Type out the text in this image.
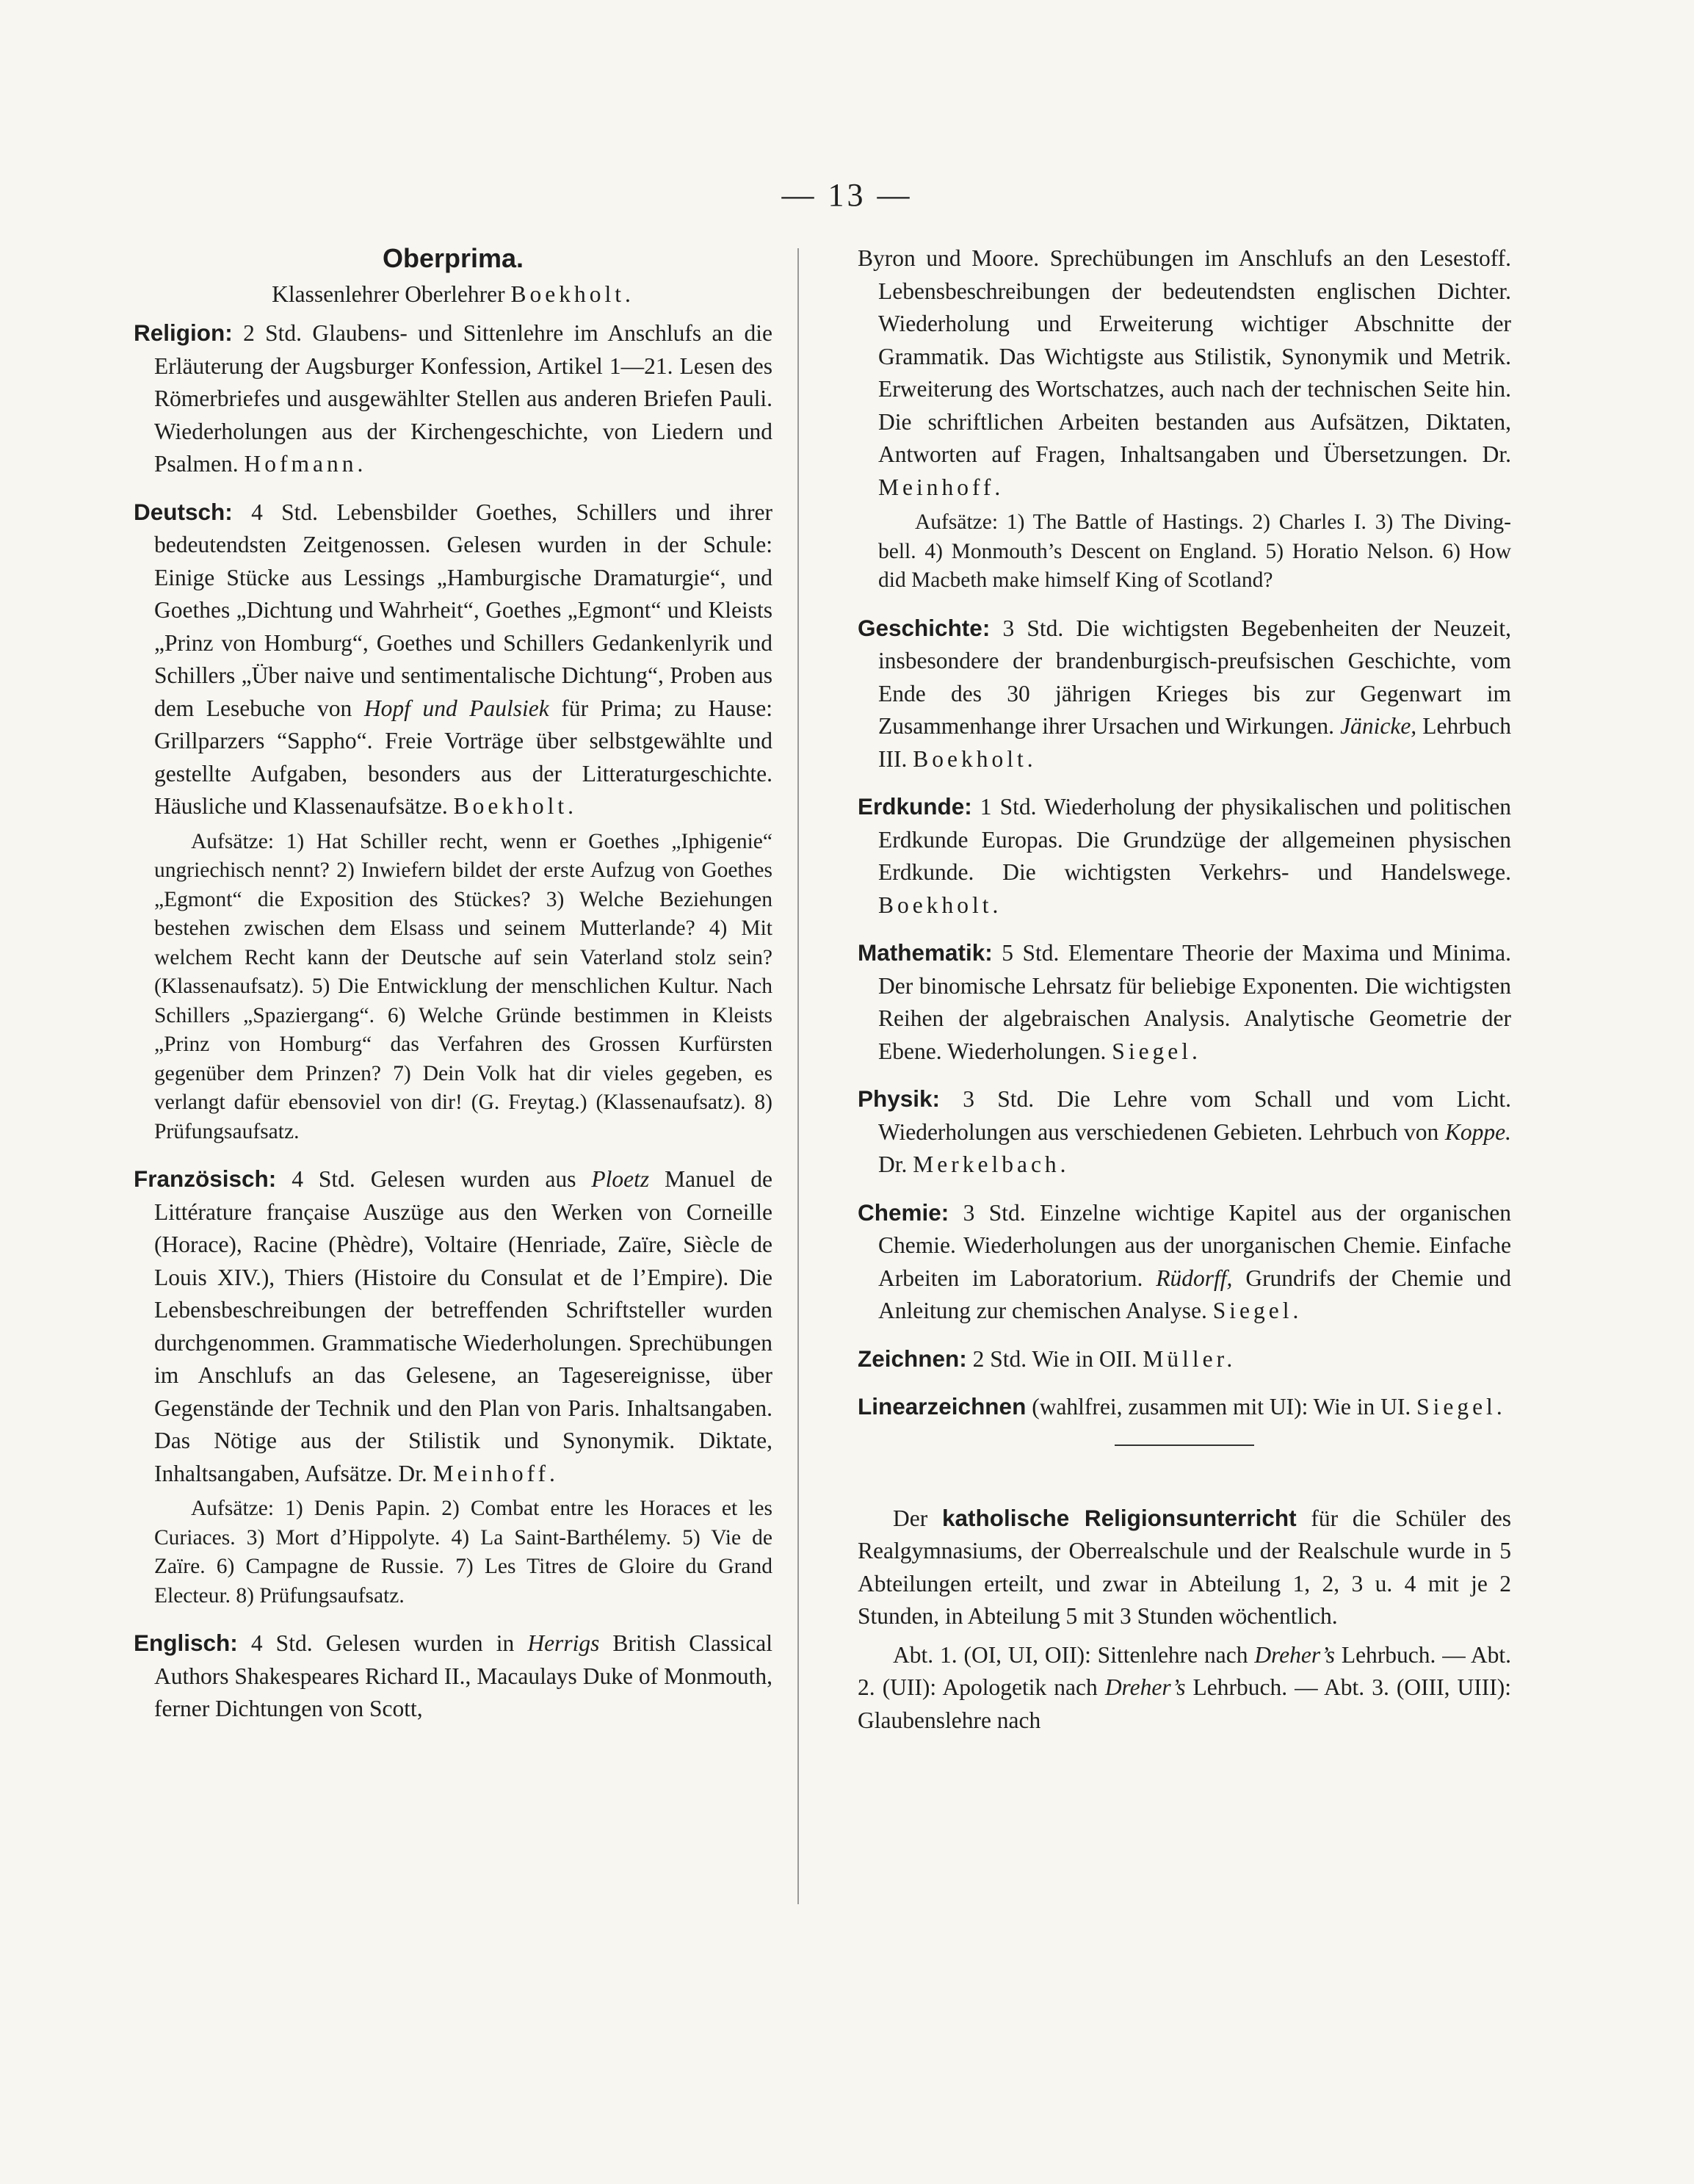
— 13 —
Oberprima.
Klassenlehrer Oberlehrer Boekholt.

Religion: 2 Std. Glaubens- und Sittenlehre im Anschlufs an die Erläuterung der Augsburger Konfession, Artikel 1—21. Lesen des Römerbriefes und ausgewählter Stellen aus anderen Briefen Pauli. Wiederholungen aus der Kirchengeschichte, von Liedern und Psalmen. Hofmann.

Deutsch: 4 Std. Lebensbilder Goethes, Schillers und ihrer bedeutendsten Zeitgenossen. Gelesen wurden in der Schule: Einige Stücke aus Lessings „Hamburgische Dramaturgie“, und Goethes „Dichtung und Wahrheit“, Goethes „Egmont“ und Kleists „Prinz von Homburg“, Goethes und Schillers Gedankenlyrik und Schillers „Über naive und sentimentalische Dichtung“, Proben aus dem Lesebuche von Hopf und Paulsiek für Prima; zu Hause: Grillparzers “Sappho“. Freie Vorträge über selbstgewählte und gestellte Aufgaben, besonders aus der Litteraturgeschichte. Häusliche und Klassenaufsätze. Boekholt.

Aufsätze: 1) Hat Schiller recht, wenn er Goethes „Iphigenie“ ungriechisch nennt? 2) Inwiefern bildet der erste Aufzug von Goethes „Egmont“ die Exposition des Stückes? 3) Welche Beziehungen bestehen zwischen dem Elsass und seinem Mutterlande? 4) Mit welchem Recht kann der Deutsche auf sein Vaterland stolz sein? (Klassenaufsatz). 5) Die Entwicklung der menschlichen Kultur. Nach Schillers „Spaziergang“. 6) Welche Gründe bestimmen in Kleists „Prinz von Homburg“ das Verfahren des Grossen Kurfürsten gegenüber dem Prinzen? 7) Dein Volk hat dir vieles gegeben, es verlangt dafür ebensoviel von dir! (G. Freytag.) (Klassenaufsatz). 8) Prüfungsaufsatz.

Französisch: 4 Std. Gelesen wurden aus Ploetz Manuel de Littérature française Auszüge aus den Werken von Corneille (Horace), Racine (Phèdre), Voltaire (Henriade, Zaïre, Siècle de Louis XIV.), Thiers (Histoire du Consulat et de l’Empire). Die Lebensbeschreibungen der betreffenden Schriftsteller wurden durchgenommen. Grammatische Wiederholungen. Sprechübungen im Anschlufs an das Gelesene, an Tagesereignisse, über Gegenstände der Technik und den Plan von Paris. Inhaltsangaben. Das Nötige aus der Stilistik und Synonymik. Diktate, Inhaltsangaben, Aufsätze. Dr. Meinhoff.

Aufsätze: 1) Denis Papin. 2) Combat entre les Horaces et les Curiaces. 3) Mort d’Hippolyte. 4) La Saint-Barthélemy. 5) Vie de Zaïre. 6) Campagne de Russie. 7) Les Titres de Gloire du Grand Electeur. 8) Prüfungsaufsatz.

Englisch: 4 Std. Gelesen wurden in Herrigs British Classical Authors Shakespeares Richard II., Macaulays Duke of Monmouth, ferner Dichtungen von Scott,

Byron und Moore. Sprechübungen im Anschlufs an den Lesestoff. Lebensbeschreibungen der bedeutendsten englischen Dichter. Wiederholung und Erweiterung wichtiger Abschnitte der Grammatik. Das Wichtigste aus Stilistik, Synonymik und Metrik. Erweiterung des Wortschatzes, auch nach der technischen Seite hin. Die schriftlichen Arbeiten bestanden aus Aufsätzen, Diktaten, Antworten auf Fragen, Inhaltsangaben und Übersetzungen. Dr. Meinhoff.

Aufsätze: 1) The Battle of Hastings. 2) Charles I. 3) The Diving-bell. 4) Monmouth’s Descent on England. 5) Horatio Nelson. 6) How did Macbeth make himself King of Scotland?

Geschichte: 3 Std. Die wichtigsten Begebenheiten der Neuzeit, insbesondere der brandenburgisch-preufsischen Geschichte, vom Ende des 30 jährigen Krieges bis zur Gegenwart im Zusammenhange ihrer Ursachen und Wirkungen. Jänicke, Lehrbuch III. Boekholt.

Erdkunde: 1 Std. Wiederholung der physikalischen und politischen Erdkunde Europas. Die Grundzüge der allgemeinen physischen Erdkunde. Die wichtigsten Verkehrs- und Handelswege. Boekholt.

Mathematik: 5 Std. Elementare Theorie der Maxima und Minima. Der binomische Lehrsatz für beliebige Exponenten. Die wichtigsten Reihen der algebraischen Analysis. Analytische Geometrie der Ebene. Wiederholungen. Siegel.

Physik: 3 Std. Die Lehre vom Schall und vom Licht. Wiederholungen aus verschiedenen Gebieten. Lehrbuch von Koppe. Dr. Merkelbach.

Chemie: 3 Std. Einzelne wichtige Kapitel aus der organischen Chemie. Wiederholungen aus der unorganischen Chemie. Einfache Arbeiten im Laboratorium. Rüdorff, Grundrifs der Chemie und Anleitung zur chemischen Analyse. Siegel.

Zeichnen: 2 Std. Wie in OII. Müller.

Linearzeichnen (wahlfrei, zusammen mit UI): Wie in UI. Siegel.

Der katholische Religionsunterricht für die Schüler des Realgymnasiums, der Oberrealschule und der Realschule wurde in 5 Abteilungen erteilt, und zwar in Abteilung 1, 2, 3 u. 4 mit je 2 Stunden, in Abteilung 5 mit 3 Stunden wöchentlich.

Abt. 1. (OI, UI, OII): Sittenlehre nach Dreher’s Lehrbuch. — Abt. 2. (UII): Apologetik nach Dreher’s Lehrbuch. — Abt. 3. (OIII, UIII): Glaubenslehre nach
